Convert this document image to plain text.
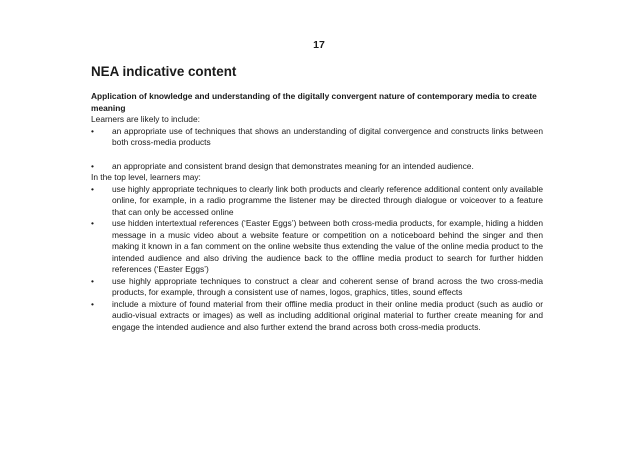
17
NEA indicative content

Application of knowledge and understanding of the digitally convergent nature of contemporary media to create meaning

Learners are likely to include:

• an appropriate use of techniques that shows an understanding of digital convergence and constructs links between both cross-media products
• an appropriate and consistent brand design that demonstrates meaning for an intended audience.

In the top level, learners may:

• use highly appropriate techniques to clearly link both products and clearly reference additional content only available online, for example, in a radio programme the listener may be directed through dialogue or voiceover to a feature that can only be accessed online
• use hidden intertextual references (‘Easter Eggs’) between both cross-media products, for example, hiding a hidden message in a music video about a website feature or competition on a noticeboard behind the singer and then making it known in a fan comment on the online website thus extending the value of the online media product to the intended audience and also driving the audience back to the offline media product to search for further hidden references (‘Easter Eggs’)
• use highly appropriate techniques to construct a clear and coherent sense of brand across the two cross-media products, for example, through a consistent use of names, logos, graphics, titles, sound effects
• include a mixture of found material from their offline media product in their online media product (such as audio or audio-visual extracts or images) as well as including additional original material to further create meaning for and engage the intended audience and also further extend the brand across both cross-media products.
